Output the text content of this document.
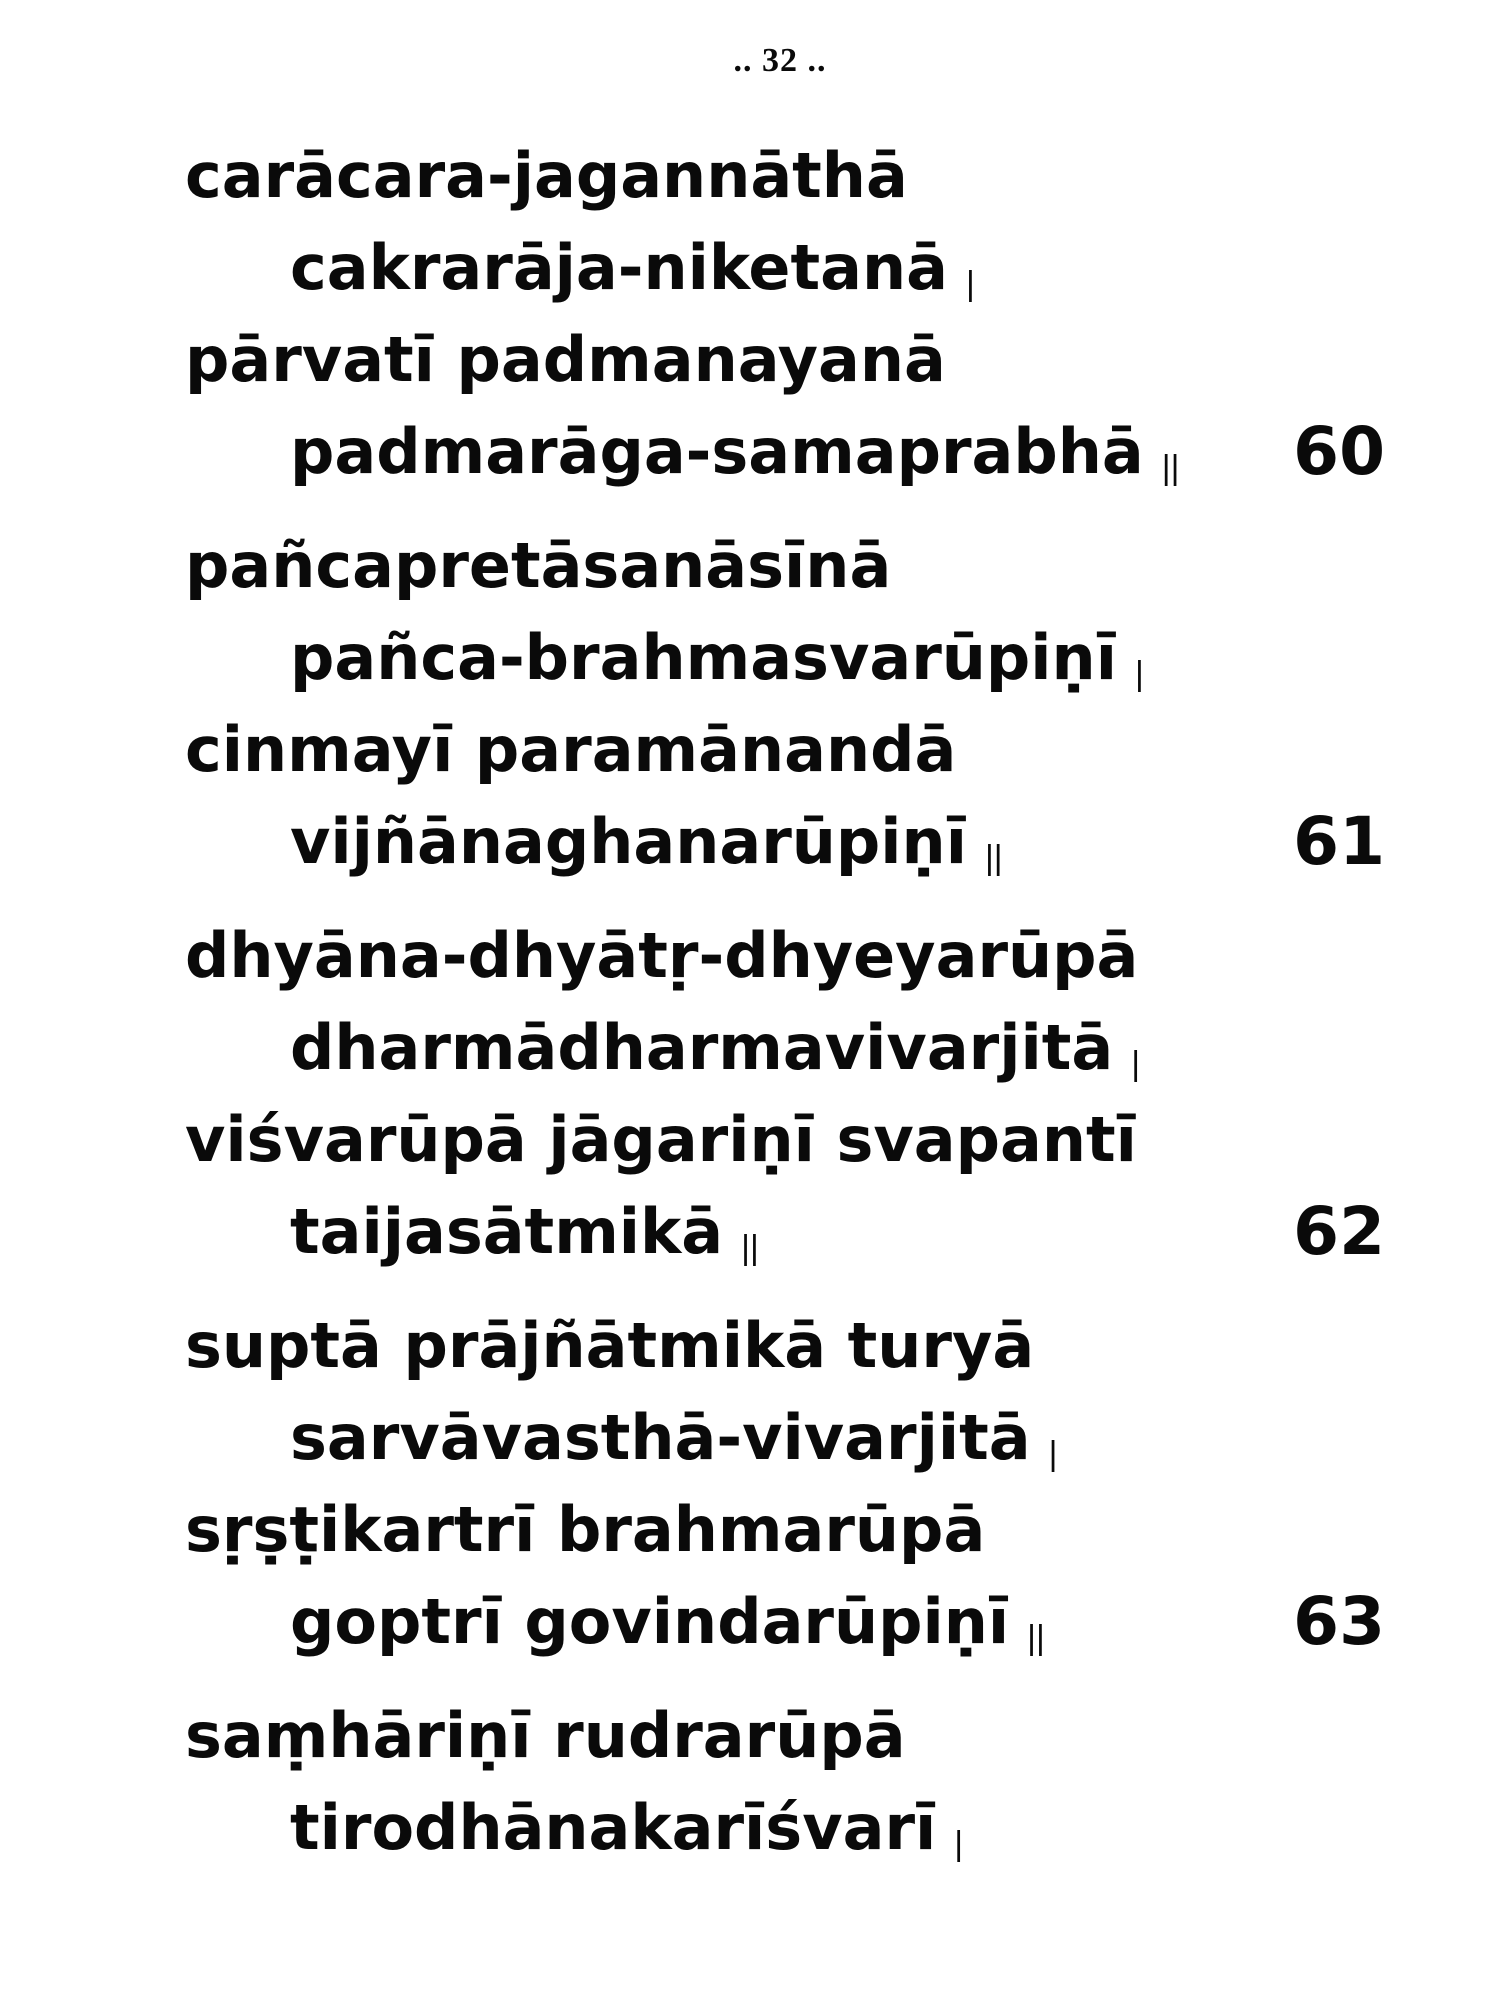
.. 32 ..
carācara-jagannāthā
cakrarāja-niketanā |
pārvatī padmanayanā
padmarāga-samaprabhā || 60
pañcapretāsanāsīnā
pañca-brahmasvarūpiṇī |
cinmayī paramānandā
vijñānaghanarūpiṇī ||	61
dhyāna-dhyātṛ-dhyeyarūpā
dharmādharmavivarjitā |
viśvarūpā jāgariṇī svapantī
taijasātmikā ||	62
suptā prājñātmikā turyā
sarvāvasthā-vivarjitā |
sṛṣṭikartrī brahmarūpā
goptrī govindarūpiṇī ||	63
saṃhāriṇī rudrarūpā
tirodhānakarīśvarī |
